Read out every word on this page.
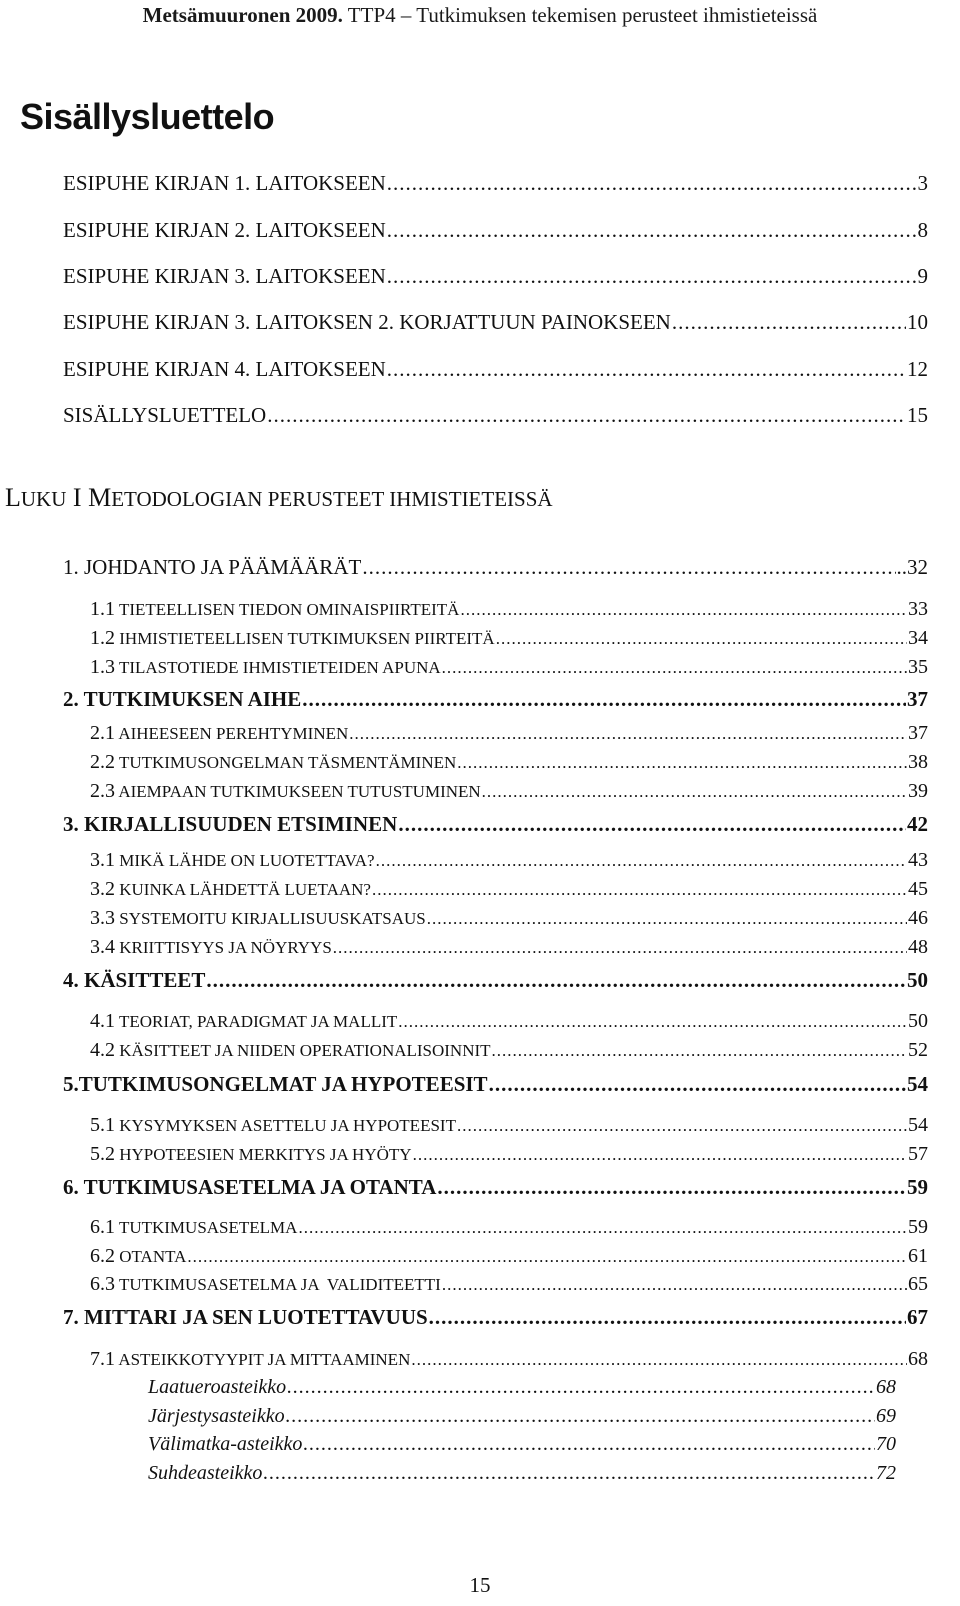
Metsämuuronen 2009. TTP4 – Tutkimuksen tekemisen perusteet ihmistieteissä
Sisällysluettelo
ESIPUHE KIRJAN 1. LAITOKSEEN .....	3
ESIPUHE KIRJAN 2. LAITOKSEEN .....	8
ESIPUHE KIRJAN 3. LAITOKSEEN .....	9
ESIPUHE KIRJAN 3. LAITOKSEN 2. KORJATTUUN PAINOKSEEN .....	10
ESIPUHE KIRJAN 4. LAITOKSEEN .....	12
SISÄLLYSLUETTELO .....	15
LUKU I METODOLOGIAN PERUSTEET IHMISTIETEISSÄ
1. JOHDANTO JA PÄÄMÄÄRÄT .....	..32
1.1 TIETEELLISEN TIEDON OMINAISPIIRTEITÄ .....	33
1.2 IHMISTIETEELLISEN TUTKIMUKSEN PIIRTEITÄ .....	34
1.3 TILASTOTIEDE IHMISTIETEIDEN APUNA .....	35
2. TUTKIMUKSEN AIHE .....	37
2.1 AIHEESEEN PEREHTYMINEN .....	37
2.2 TUTKIMUSONGELMAN TÄSMENTÄMINEN .....	38
2.3 AIEMPAAN TUTKIMUKSEEN TUTUSTUMINEN .....	39
3. KIRJALLISUUDEN ETSIMINEN .....	42
3.1 MIKÄ LÄHDE ON LUOTETTAVA? .....	43
3.2 KUINKA LÄHDETTÄ LUETAAN? .....	45
3.3 SYSTEMOITU KIRJALLISUUSKATSAUS .....	46
3.4 KRIITTISYYS JA NÖYRYYS .....	48
4. KÄSITTEET .....	50
4.1 TEORIAT, PARADIGMAT JA MALLIT .....	50
4.2 KÄSITTEET JA NIIDEN OPERATIONALISOINNIT .....	52
5.TUTKIMUSONGELMAT JA HYPOTEESIT .....	54
5.1 KYSYMYKSEN ASETTELU JA HYPOTEESIT .....	54
5.2 HYPOTEESIEN MERKITYS JA HYÖTY .....	57
6. TUTKIMUSASETELMA JA OTANTA .....	59
6.1 TUTKIMUSASETELMA .....	59
6.2 OTANTA .....	61
6.3 TUTKIMUSASETELMA JA  VALIDITEETTI .....	65
7. MITTARI JA SEN LUOTETTAVUUS .....	67
7.1 ASTEIKKOTYYPIT JA MITTAAMINEN .....	68
Laatueroasteikko .....	68
Järjestysasteikko .....	69
Välimatka-asteikko .....	70
Suhdeasteikko .....	72
15
